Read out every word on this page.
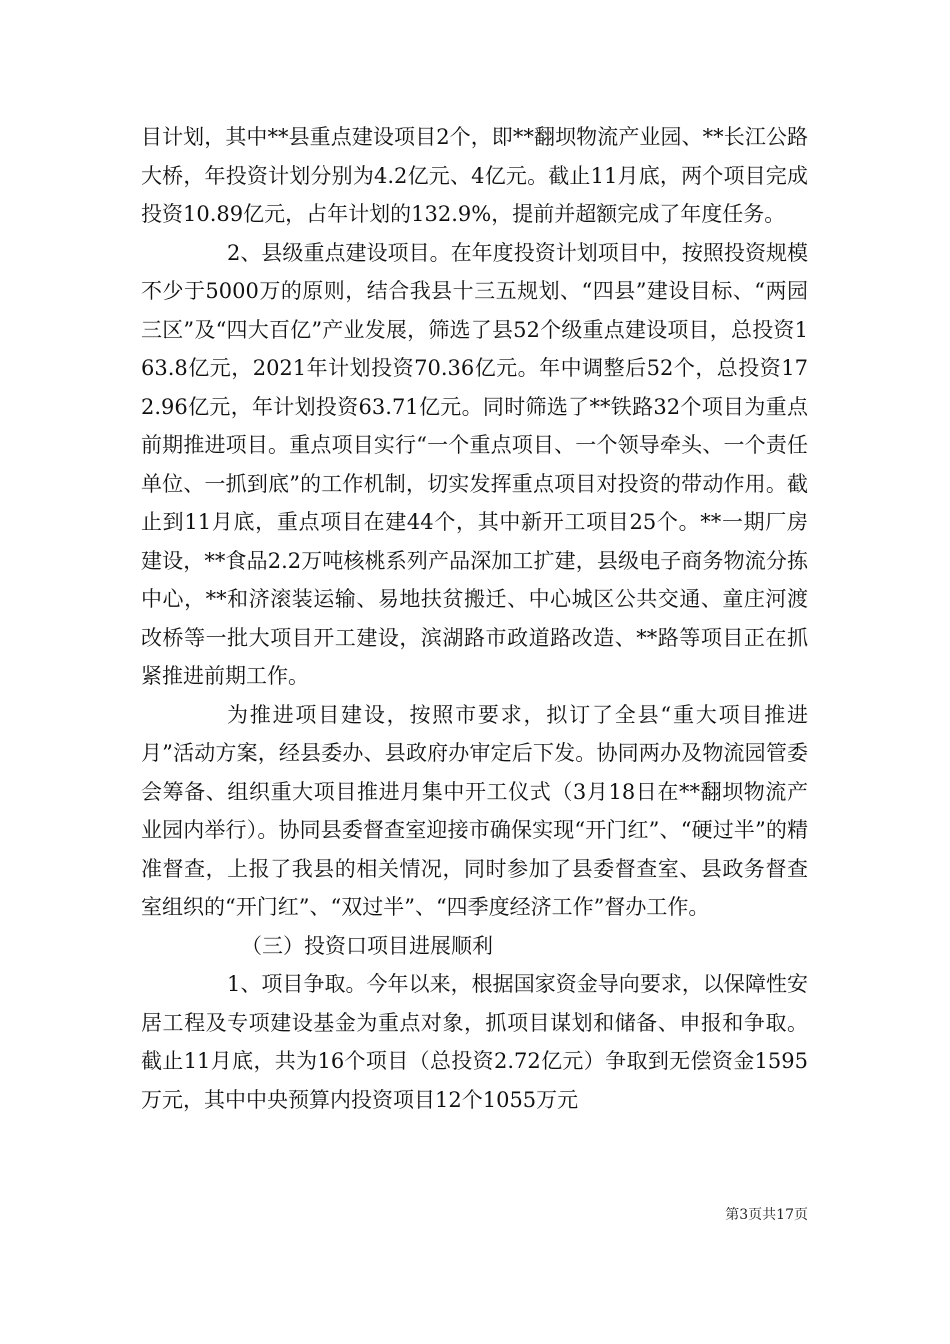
目计划，其中**县重点建设项目2个，即**翻坝物流产业园、**长江公路大桥，年投资计划分别为4.2亿元、4亿元。截止11月底，两个项目完成投资10.89亿元，占年计划的132.9%，提前并超额完成了年度任务。

2、县级重点建设项目。在年度投资计划项目中，按照投资规模不少于5000万的原则，结合我县十三五规划、“四县”建设目标、“两园三区”及“四大百亿”产业发展，筛选了县52个级重点建设项目，总投资163.8亿元，2021年计划投资70.36亿元。年中调整后52个，总投资172.96亿元，年计划投资63.71亿元。同时筛选了**铁路32个项目为重点前期推进项目。重点项目实行“一个重点项目、一个领导牵头、一个责任单位、一抓到底”的工作机制，切实发挥重点项目对投资的带动作用。截止到11月底，重点项目在建44个，其中新开工项目25个。**一期厂房建设，**食品2.2万吨核桃系列产品深加工扩建，县级电子商务物流分拣中心，**和济滚装运输、易地扶贫搬迁、中心城区公共交通、童庄河渡改桥等一批大项目开工建设，滨湖路市政道路改造、**路等项目正在抓紧推进前期工作。

为推进项目建设，按照市要求，拟订了全县“重大项目推进月”活动方案，经县委办、县政府办审定后下发。协同两办及物流园管委会筹备、组织重大项目推进月集中开工仪式（3月18日在**翻坝物流产业园内举行）。协同县委督查室迎接市确保实现“开门红”、“硬过半”的精准督查，上报了我县的相关情况，同时参加了县委督查室、县政务督查室组织的“开门红”、“双过半”、“四季度经济工作”督办工作。

（三）投资口项目进展顺利

1、项目争取。今年以来，根据国家资金导向要求，以保障性安居工程及专项建设基金为重点对象，抓项目谋划和储备、申报和争取。截止11月底，共为16个项目（总投资2.72亿元）争取到无偿资金1595万元，其中中央预算内投资项目12个1055万元

第3页共17页
